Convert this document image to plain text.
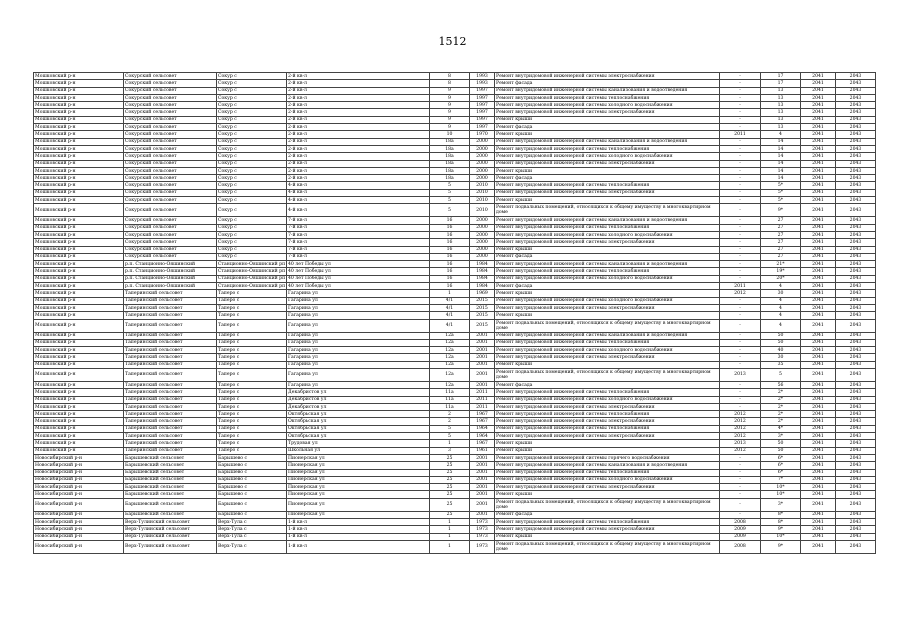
1512
Мошковский р-н	Сокурский сельсовет	Сокур с	2-й кв-л	8	1993	Ремонт внутридомовой инженерной системы электроснабжения	-	17	2041	2043
Мошковский р-н	Сокурский сельсовет	Сокур с	2-й кв-л	8	1993	Ремонт фасада	-	17	2041	2043
Мошковский р-н	Сокурский сельсовет	Сокур с	2-й кв-л	9	1997	Ремонт внутридомовой инженерной системы канализования и водоотведения	-	13	2041	2043
Мошковский р-н	Сокурский сельсовет	Сокур с	2-й кв-л	9	1997	Ремонт внутридомовой инженерной системы теплоснабжения	-	13	2041	2043
Мошковский р-н	Сокурский сельсовет	Сокур с	2-й кв-л	9	1997	Ремонт внутридомовой инженерной системы холодного водоснабжения	-	13	2041	2043
Мошковский р-н	Сокурский сельсовет	Сокур с	2-й кв-л	9	1997	Ремонт внутридомовой инженерной системы электроснабжения	-	13	2041	2043
Мошковский р-н	Сокурский сельсовет	Сокур с	2-й кв-л	9	1997	Ремонт крыши	-	13	2041	2043
Мошковский р-н	Сокурский сельсовет	Сокур с	2-й кв-л	9	1997	Ремонт фасада	-	13	2041	2043
Мошковский р-н	Сокурский сельсовет	Сокур с	2-й кв-л	10	1970	Ремонт крыши	2011	4	2041	2043
Мошковский р-н	Сокурский сельсовет	Сокур с	2-й кв-л	18а	2000	Ремонт внутридомовой инженерной системы канализования и водоотведения	-	14	2041	2043
Мошковский р-н	Сокурский сельсовет	Сокур с	2-й кв-л	18а	2000	Ремонт внутридомовой инженерной системы теплоснабжения	-	14	2041	2043
Мошковский р-н	Сокурский сельсовет	Сокур с	2-й кв-л	18а	2000	Ремонт внутридомовой инженерной системы холодного водоснабжения	-	14	2041	2043
Мошковский р-н	Сокурский сельсовет	Сокур с	2-й кв-л	18а	2000	Ремонт внутридомовой инженерной системы электроснабжения	-	14	2041	2043
Мошковский р-н	Сокурский сельсовет	Сокур с	2-й кв-л	18а	2000	Ремонт крыши	-	14	2041	2043
Мошковский р-н	Сокурский сельсовет	Сокур с	2-й кв-л	18а	2000	Ремонт фасада	-	14	2041	2043
Мошковский р-н	Сокурский сельсовет	Сокур с	4-й кв-л	5	2010	Ремонт внутридомовой инженерной системы теплоснабжения	-	5*	2041	2043
Мошковский р-н	Сокурский сельсовет	Сокур с	4-й кв-л	5	2010	Ремонт внутридомовой инженерной системы электроснабжения	-	5*	2041	2043
Мошковский р-н	Сокурский сельсовет	Сокур с	4-й кв-л	5	2010	Ремонт крыши	-	5*	2041	2043
Мошковский р-н	Сокурский сельсовет	Сокур с	4-й кв-л	5	2010	Ремонт подвальных помещений, относящихся к общему имуществу в многоквартирном доме	-	9*	2041	2043
Мошковский р-н	Сокурский сельсовет	Сокур с	7-й кв-л	16	2000	Ремонт внутридомовой инженерной системы канализования и водоотведения	-	27	2041	2043
Мошковский р-н	Сокурский сельсовет	Сокур с	7-й кв-л	16	2000	Ремонт внутридомовой инженерной системы теплоснабжения	-	27	2041	2043
Мошковский р-н	Сокурский сельсовет	Сокур с	7-й кв-л	16	2000	Ремонт внутридомовой инженерной системы холодного водоснабжения	-	27	2041	2043
Мошковский р-н	Сокурский сельсовет	Сокур с	7-й кв-л	16	2000	Ремонт внутридомовой инженерной системы электроснабжения	-	27	2041	2043
Мошковский р-н	Сокурский сельсовет	Сокур с	7-й кв-л	16	2000	Ремонт крыши	-	27	2041	2043
Мошковский р-н	Сокурский сельсовет	Сокур с	7-й кв-л	16	2000	Ремонт фасада	-	27	2041	2043
Мошковский р-н	р.п. Станционно-Ояшинский	Станционно-Ояшинский рп	40 лет Победы ул	16	1984	Ремонт внутридомовой инженерной системы канализования и водоотведения	-	21*	2041	2043
Мошковский р-н	р.п. Станционно-Ояшинский	Станционно-Ояшинский рп	40 лет Победы ул	16	1984	Ремонт внутридомовой инженерной системы теплоснабжения	-	19*	2041	2043
Мошковский р-н	р.п. Станционно-Ояшинский	Станционно-Ояшинский рп	40 лет Победы ул	16	1984	Ремонт внутридомовой инженерной системы холодного водоснабжения	-	20*	2041	2043
Мошковский р-н	р.п. Станционно-Ояшинский	Станционно-Ояшинский рп	40 лет Победы ул	16	1984	Ремонт фасада	2011	4	2041	2043
Мошковский р-н	Таперинский сельсовет	Таперо с	Гагарина ул	1	1969	Ремонт крыши	2012	30	2041	2043
Мошковский р-н	Таперинский сельсовет	Таперо с	Гагарина ул	4/1	2015	Ремонт внутридомовой инженерной системы холодного водоснабжения	-	4	2041	2043
Мошковский р-н	Таперинский сельсовет	Таперо с	Гагарина ул	4/1	2015	Ремонт внутридомовой инженерной системы электроснабжения	-	4	2041	2043
Мошковский р-н	Таперинский сельсовет	Таперо с	Гагарина ул	4/1	2015	Ремонт крыши	-	4	2041	2043
Мошковский р-н	Таперинский сельсовет	Таперо с	Гагарина ул	4/1	2015	Ремонт подвальных помещений, относящихся к общему имуществу в многоквартирном доме	-	4	2041	2043
Мошковский р-н	Таперинский сельсовет	Таперо с	Гагарина ул	12а	2001	Ремонт внутридомовой инженерной системы канализования и водоотведения	-	50	2041	2043
Мошковский р-н	Таперинский сельсовет	Таперо с	Гагарина ул	12а	2001	Ремонт внутридомовой инженерной системы теплоснабжения	-	50	2041	2043
Мошковский р-н	Таперинский сельсовет	Таперо с	Гагарина ул	12а	2001	Ремонт внутридомовой инженерной системы холодного водоснабжения	-	40	2041	2043
Мошковский р-н	Таперинский сельсовет	Таперо с	Гагарина ул	12а	2001	Ремонт внутридомовой инженерной системы электроснабжения	-	30	2041	2043
Мошковский р-н	Таперинский сельсовет	Таперо с	Гагарина ул	12а	2001	Ремонт крыши	-	35	2041	2043
Мошковский р-н	Таперинский сельсовет	Таперо с	Гагарина ул	12а	2001	Ремонт подвальных помещений, относящихся к общему имуществу в многоквартирном доме	2013	5	2041	2043
Мошковский р-н	Таперинский сельсовет	Таперо с	Гагарина ул	12а	2001	Ремонт фасада	-	56	2041	2043
Мошковский р-н	Таперинский сельсовет	Таперо с	Декабристов ул	11а	2011	Ремонт внутридомовой инженерной системы теплоснабжения	-	2*	2041	2043
Мошковский р-н	Таперинский сельсовет	Таперо с	Декабристов ул	11а	2011	Ремонт внутридомовой инженерной системы холодного водоснабжения	-	2*	2041	2043
Мошковский р-н	Таперинский сельсовет	Таперо с	Декабристов ул	11а	2011	Ремонт внутридомовой инженерной системы электроснабжения	-	2*	2041	2043
Мошковский р-н	Таперинский сельсовет	Таперо с	Октябрьская ул	2	1967	Ремонт внутридомовой инженерной системы теплоснабжения	2012	2*	2041	2043
Мошковский р-н	Таперинский сельсовет	Таперо с	Октябрьская ул	2	1967	Ремонт внутридомовой инженерной системы электроснабжения	2012	2*	2041	2043
Мошковский р-н	Таперинский сельсовет	Таперо с	Октябрьская ул	5	1964	Ремонт внутридомовой инженерной системы теплоснабжения	2012	4*	2041	2043
Мошковский р-н	Таперинский сельсовет	Таперо с	Октябрьская ул	5	1964	Ремонт внутридомовой инженерной системы электроснабжения	2012	3*	2041	2043
Мошковский р-н	Таперинский сельсовет	Таперо с	Трудовая ул	1	1967	Ремонт крыши	2013	50	2041	2043
Мошковский р-н	Таперинский сельсовет	Таперо с	Школьная ул	3	1961	Ремонт крыши	2012	50	2041	2043
Новосибирский р-н	Барышевский сельсовет	Барышево с	Пионерская ул	25	2001	Ремонт внутридомовой инженерной системы горячего водоснабжения	-	6*	2041	2043
Новосибирский р-н	Барышевский сельсовет	Барышево с	Пионерская ул	25	2001	Ремонт внутридомовой инженерной системы канализования и водоотведения	-	6*	2041	2043
Новосибирский р-н	Барышевский сельсовет	Барышево с	Пионерская ул	25	2001	Ремонт внутридомовой инженерной системы теплоснабжения	-	6*	2041	2043
Новосибирский р-н	Барышевский сельсовет	Барышево с	Пионерская ул	25	2001	Ремонт внутридомовой инженерной системы холодного водоснабжения	-	7*	2041	2043
Новосибирский р-н	Барышевский сельсовет	Барышево с	Пионерская ул	25	2001	Ремонт внутридомовой инженерной системы электроснабжения	-	10*	2041	2043
Новосибирский р-н	Барышевский сельсовет	Барышево с	Пионерская ул	25	2001	Ремонт крыши	-	10*	2041	2043
Новосибирский р-н	Барышевский сельсовет	Барышево с	Пионерская ул	25	2001	Ремонт подвальных помещений, относящихся к общему имуществу в многоквартирном доме	-	3*	2041	2043
Новосибирский р-н	Барышевский сельсовет	Барышево с	Пионерская ул	25	2001	Ремонт фасада	-	8*	2041	2043
Новосибирский р-н	Верх-Тулинский сельсовет	Верх-Тула с	1-й кв-л	1	1973	Ремонт внутридомовой инженерной системы теплоснабжения	2008	8*	2041	2043
Новосибирский р-н	Верх-Тулинский сельсовет	Верх-Тула с	1-й кв-л	1	1973	Ремонт внутридомовой инженерной системы электроснабжения	2009	9*	2041	2043
Новосибирский р-н	Верх-Тулинский сельсовет	Верх-Тула с	1-й кв-л	1	1973	Ремонт крыши	2009	10*	2041	2043
Новосибирский р-н	Верх-Тулинский сельсовет	Верх-Тула с	1-й кв-л	1	1973	Ремонт подвальных помещений, относящихся к общему имуществу в многоквартирном доме	2008	9*	2041	2043
